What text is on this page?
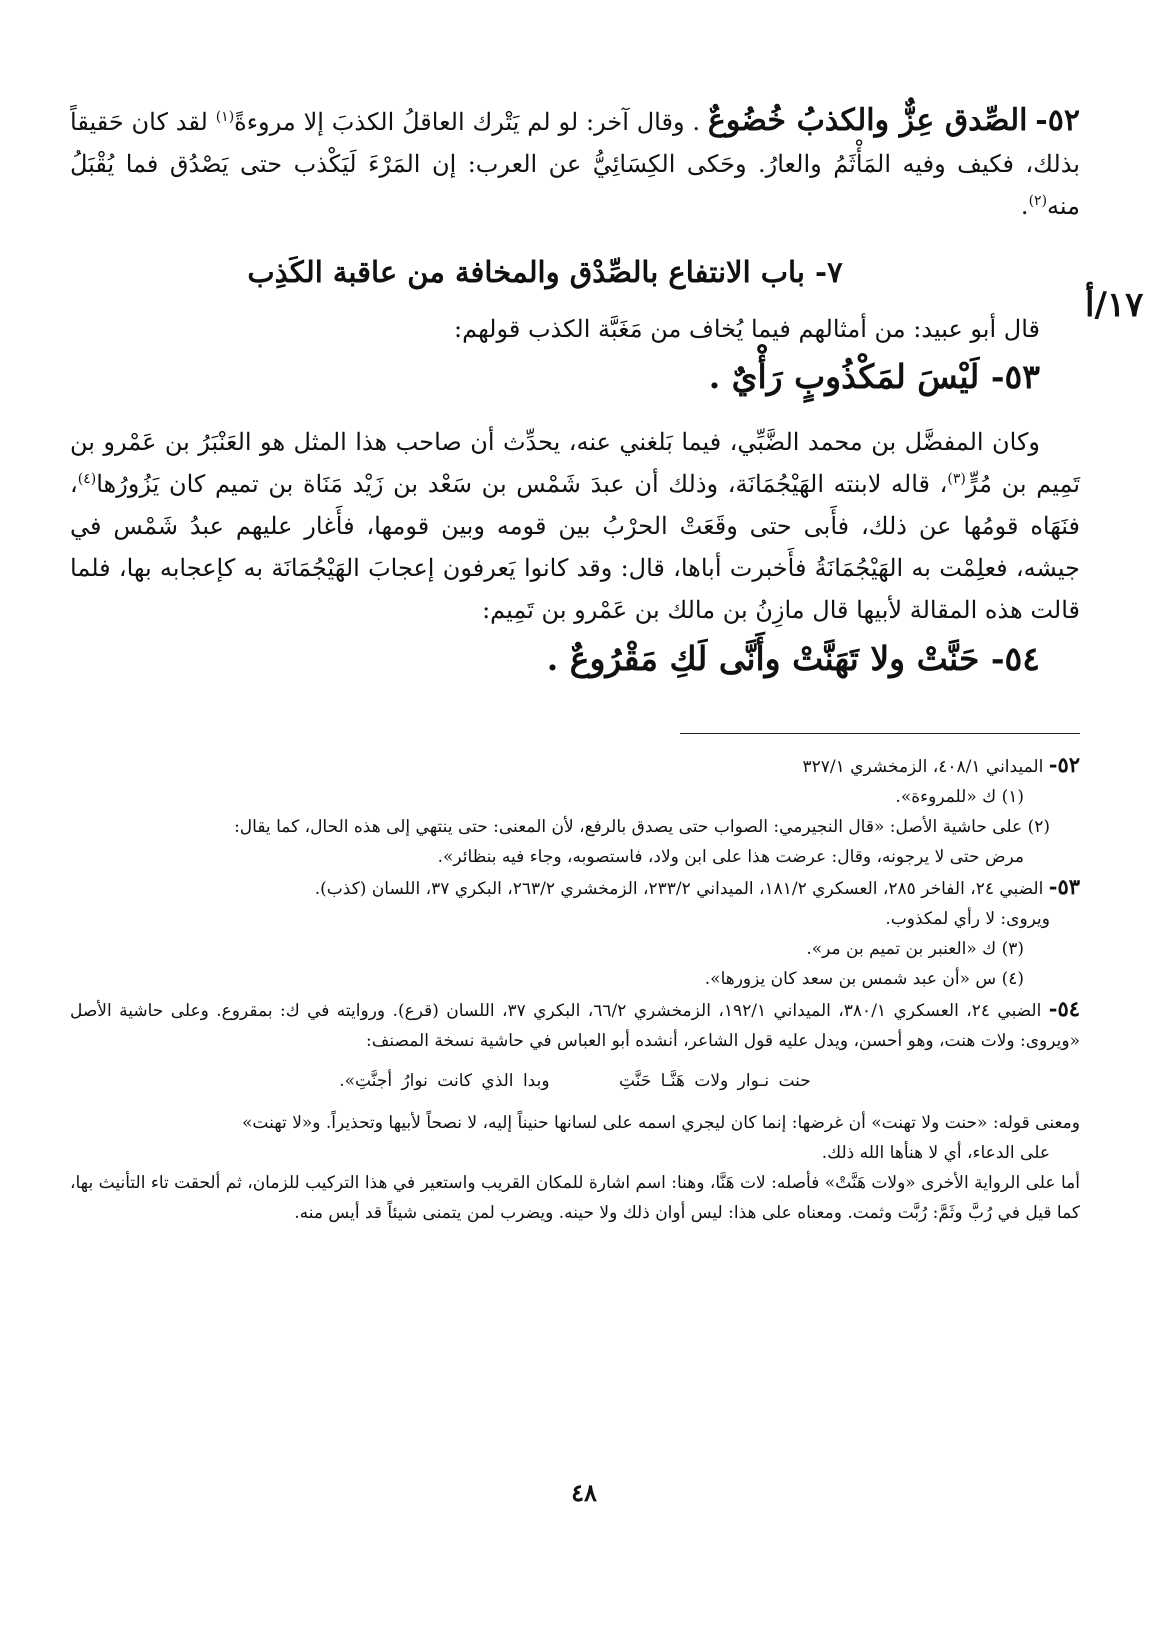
١٧/أ

٥٢- الصِّدق عِزٌّ والكذبُ خُضُوعٌ . وقال آخر: لو لم يَتْرك العاقلُ الكذبَ إلا مروءةً$^{(١)}$ لقد كان حَقيقاً بذلك، فكيف وفيه المَأْثَمُ والعارُ. وحَكى الكِسَائِيُّ عن العرب: إن المَرْءَ لَيَكْذب حتى يَصْدُق فما يُقْبَلُ منه$^{(٢)}$.

٧- باب الانتفاع بالصِّدْق والمخافة من عاقبة الكَذِب

قال أبو عبيد: من أمثالهم فيما يُخاف من مَغَبَّة الكذب قولهم:

٥٣- لَيْسَ لمَكْذُوبٍ رَأْيٌ .

وكان المفضَّل بن محمد الضَّبِّي، فيما بَلغني عنه، يحدِّث أن صاحب هذا المثل هو العَنْبَرُ بن عَمْرو بن تَمِيم بن مُرٍّ$^{(٣)}$، قاله لابنته الهَيْجُمَانَة، وذلك أن عبدَ شَمْس بن سَعْد بن زَيْد مَنَاة بن تميم كان يَزُورُها$^{(٤)}$، فنَهَاه قومُها عن ذلك، فأَبى حتى وقَعَتْ الحرْبُ بين قومه وبين قومها، فأَغار عليهم عبدُ شَمْس في جيشه، فعلِمْت به الهَيْجُمَانَةُ فأَخبرت أباها، قال: وقد كانوا يَعرفون إعجابَ الهَيْجُمَانَة به كإعجابه بها، فلما قالت هذه المقالة لأبيها قال مازِنُ بن مالك بن عَمْرو بن تَمِيم:

٥٤- حَنَّتْ ولا تَهَنَّتْ وأَنَّى لَكِ مَقْرُوعٌ .

٥٢- الميداني ٤٠٨/١، الزمخشري ٣٢٧/١

(١) ك «للمروءة».

(٢) على حاشية الأصل: «قال النجيرمي: الصواب حتى يصدق بالرفع، لأن المعنى: حتى ينتهي إلى هذه الحال، كما يقال:

مرض حتى لا يرجونه، وقال: عرضت هذا على ابن ولاد، فاستصوبه، وجاء فيه بنظائر».

٥٣- الضبي ٢٤، الفاخر ٢٨٥، العسكري ١٨١/٢، الميداني ٢٣٣/٢، الزمخشري ٢٦٣/٢، البكري ٣٧، اللسان (كذب).

ويروى: لا رأي لمكذوب.

(٣) ك «العنبر بن تميم بن مر».

(٤) س «أن عبد شمس بن سعد كان يزورها».

٥٤- الضبي ٢٤، العسكري ٣٨٠/١، الميداني ١٩٢/١، الزمخشري ٦٦/٢، البكري ٣٧، اللسان (قرع). وروايته في ك: بمقروع. وعلى حاشية الأصل «ويروى: ولات هنت، وهو أحسن، ويدل عليه قول الشاعر، أنشده أبو العباس في حاشية نسخة المصنف:

حنت نـوار ولات هَنَّـا حَنَّتِ وبدا الذي كانت نوارُ أجنَّتِ».

ومعنى قوله: «حنت ولا تهنت» أن غرضها: إنما كان ليجري اسمه على لسانها حنيناً إليه، لا نصحاً لأبيها وتحذيراً. و«لا تهنت»

على الدعاء، أي لا هنأها الله ذلك.

أما على الرواية الأخرى «ولات هَنَّتْ» فأصله: لات هَنَّا، وهنا: اسم اشارة للمكان القريب واستعير في هذا التركيب للزمان، ثم ألحقت تاء التأنيث بها، كما قيل في رُبَّ وثَمَّ: رُبَّت وثمت. ومعناه على هذا: ليس أوان ذلك ولا حينه. ويضرب لمن يتمنى شيئاً قد أيس منه.

٤٨
